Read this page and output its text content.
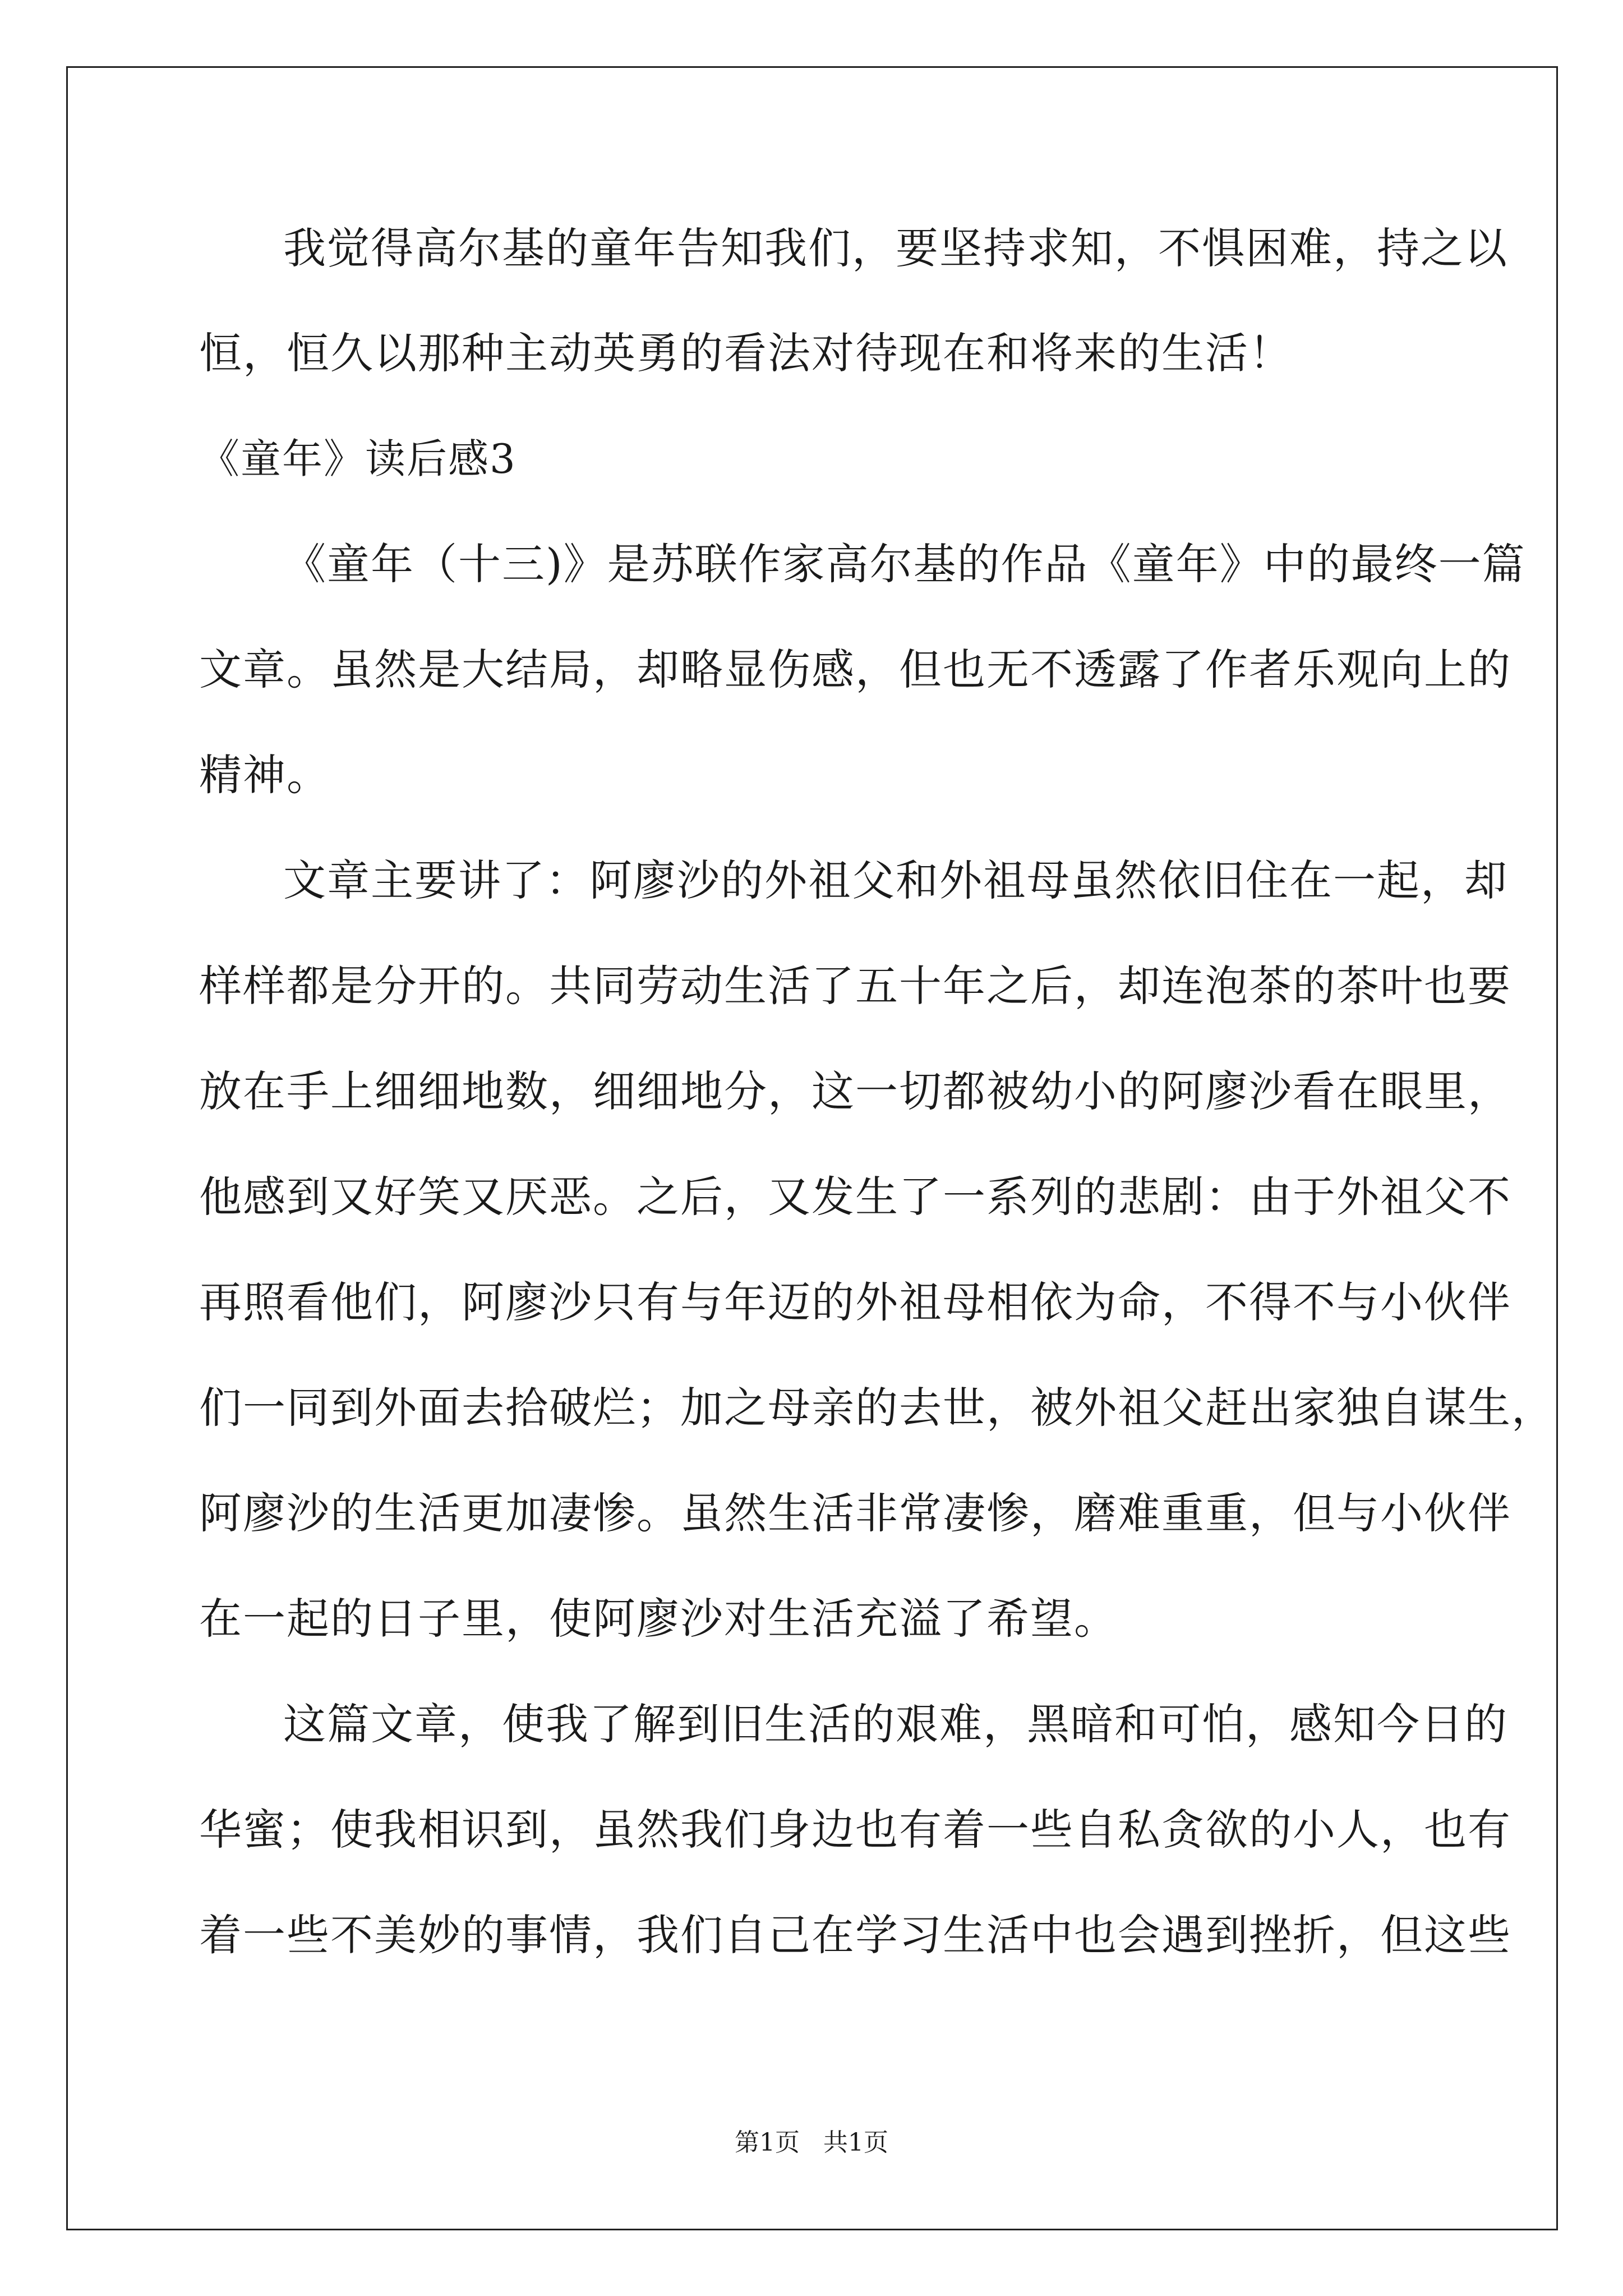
我觉得高尔基的童年告知我们，要坚持求知，不惧困难，持之以
恒，恒久以那种主动英勇的看法对待现在和将来的生活！
《童年》读后感3
《童年（十三)》是苏联作家高尔基的作品《童年》中的最终一篇
文章。虽然是大结局，却略显伤感，但也无不透露了作者乐观向上的
精神。
文章主要讲了：阿廖沙的外祖父和外祖母虽然依旧住在一起，却
样样都是分开的。共同劳动生活了五十年之后，却连泡茶的茶叶也要
放在手上细细地数，细细地分，这一切都被幼小的阿廖沙看在眼里，
他感到又好笑又厌恶。之后，又发生了一系列的悲剧：由于外祖父不
再照看他们，阿廖沙只有与年迈的外祖母相依为命，不得不与小伙伴
们一同到外面去拾破烂；加之母亲的去世，被外祖父赶出家独自谋生，
阿廖沙的生活更加凄惨。虽然生活非常凄惨，磨难重重，但与小伙伴
在一起的日子里，使阿廖沙对生活充溢了希望。
这篇文章，使我了解到旧生活的艰难，黑暗和可怕，感知今日的
华蜜；使我相识到，虽然我们身边也有着一些自私贪欲的小人，也有
着一些不美妙的事情，我们自己在学习生活中也会遇到挫折，但这些
第1页   共1页
